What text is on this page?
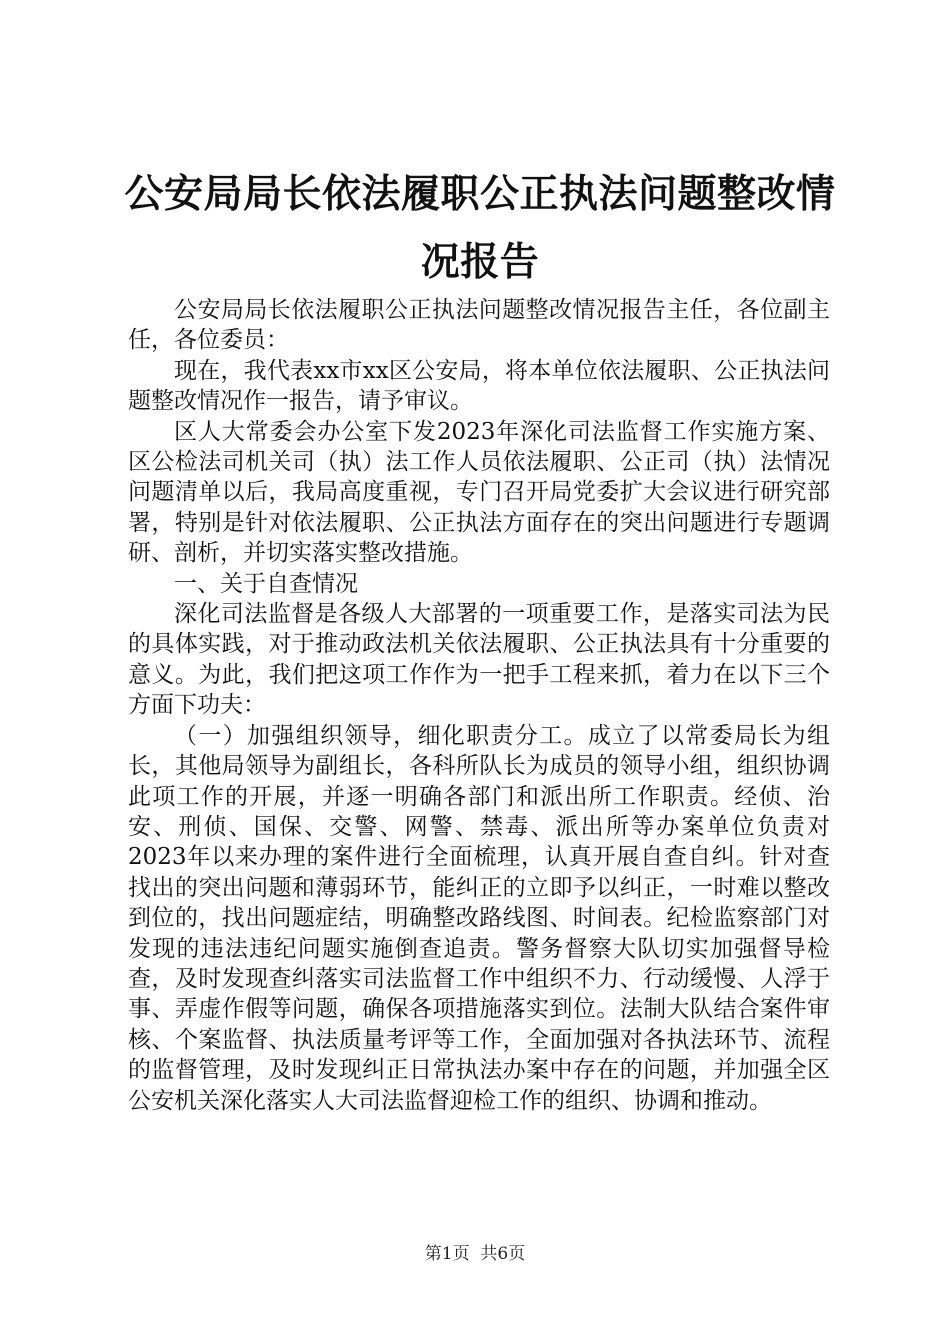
公安局局长依法履职公正执法问题整改情况报告

公安局局长依法履职公正执法问题整改情况报告主任，各位副主任，各位委员：

现在，我代表xx市xx区公安局，将本单位依法履职、公正执法问题整改情况作一报告，请予审议。

区人大常委会办公室下发2023年深化司法监督工作实施方案、区公检法司机关司（执）法工作人员依法履职、公正司（执）法情况问题清单以后，我局高度重视，专门召开局党委扩大会议进行研究部署，特别是针对依法履职、公正执法方面存在的突出问题进行专题调研、剖析，并切实落实整改措施。

一、关于自查情况

深化司法监督是各级人大部署的一项重要工作，是落实司法为民的具体实践，对于推动政法机关依法履职、公正执法具有十分重要的意义。为此，我们把这项工作作为一把手工程来抓，着力在以下三个方面下功夫：

（一）加强组织领导，细化职责分工。成立了以常委局长为组长，其他局领导为副组长，各科所队长为成员的领导小组，组织协调此项工作的开展，并逐一明确各部门和派出所工作职责。经侦、治安、刑侦、国保、交警、网警、禁毒、派出所等办案单位负责对2023年以来办理的案件进行全面梳理，认真开展自查自纠。针对查找出的突出问题和薄弱环节，能纠正的立即予以纠正，一时难以整改到位的，找出问题症结，明确整改路线图、时间表。纪检监察部门对发现的违法违纪问题实施倒查追责。警务督察大队切实加强督导检查，及时发现查纠落实司法监督工作中组织不力、行动缓慢、人浮于事、弄虚作假等问题，确保各项措施落实到位。法制大队结合案件审核、个案监督、执法质量考评等工作，全面加强对各执法环节、流程的监督管理，及时发现纠正日常执法办案中存在的问题，并加强全区公安机关深化落实人大司法监督迎检工作的组织、协调和推动。

第1页 共6页
